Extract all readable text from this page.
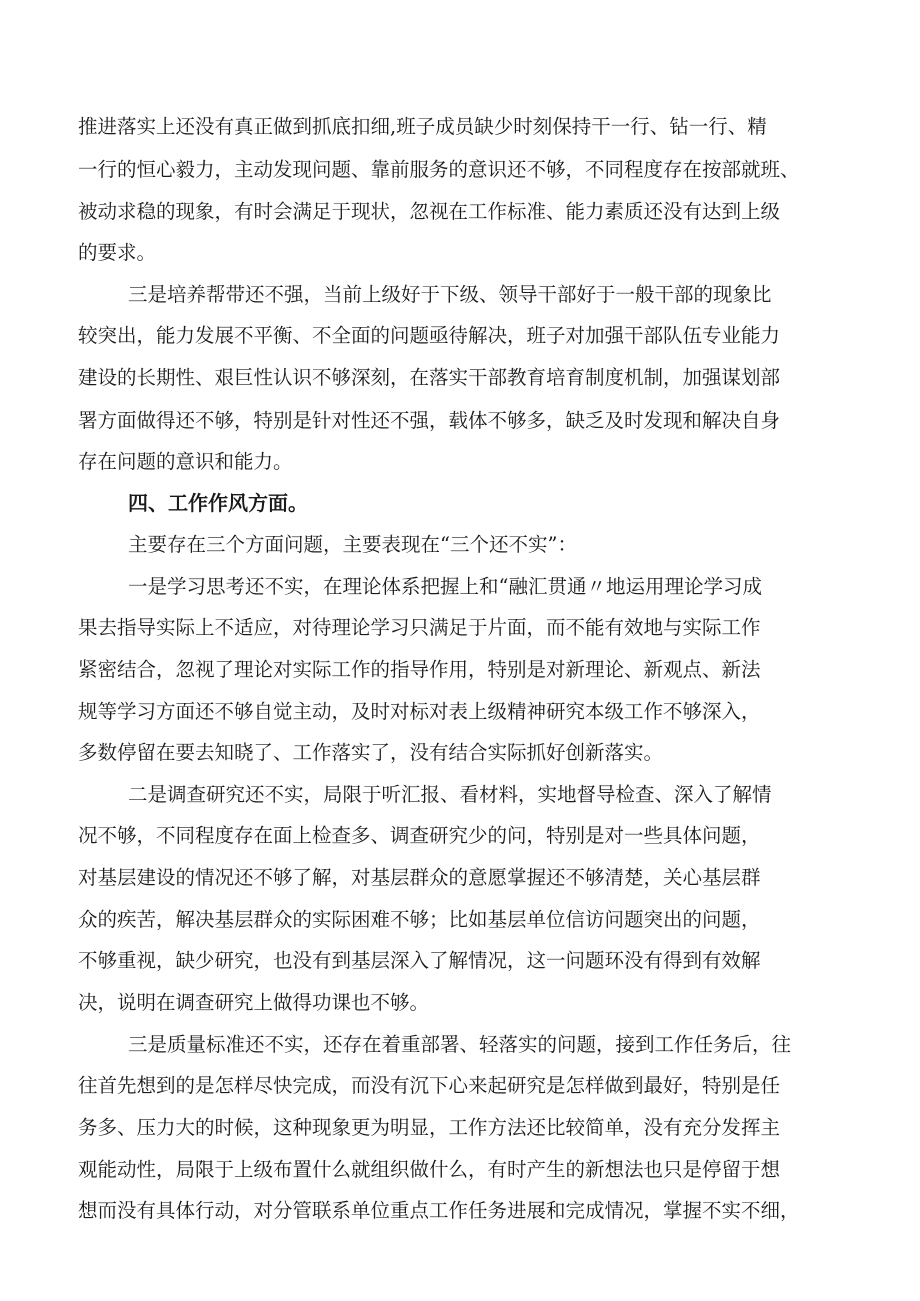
推进落实上还没有真正做到抓底扣细,班子成员缺少时刻保持干一行、钻一行、精
一行的恒心毅力，主动发现问题、靠前服务的意识还不够，不同程度存在按部就班、
被动求稳的现象，有时会满足于现状，忽视在工作标准、能力素质还没有达到上级
的要求。
三是培养帮带还不强，当前上级好于下级、领导干部好于一般干部的现象比
较突出，能力发展不平衡、不全面的问题亟待解决，班子对加强干部队伍专业能力
建设的长期性、艰巨性认识不够深刻，在落实干部教育培育制度机制，加强谋划部
署方面做得还不够，特别是针对性还不强，载体不够多，缺乏及时发现和解决自身
存在问题的意识和能力。
四、工作作风方面。
主要存在三个方面问题，主要表现在“三个还不实”：
一是学习思考还不实，在理论体系把握上和“融汇贯通〃地运用理论学习成
果去指导实际上不适应，对待理论学习只满足于片面，而不能有效地与实际工作
紧密结合，忽视了理论对实际工作的指导作用，特别是对新理论、新观点、新法
规等学习方面还不够自觉主动，及时对标对表上级精神研究本级工作不够深入，
多数停留在要去知晓了、工作落实了，没有结合实际抓好创新落实。
二是调查研究还不实，局限于听汇报、看材料，实地督导检查、深入了解情
况不够，不同程度存在面上检查多、调查研究少的问，特别是对一些具体问题，
对基层建设的情况还不够了解，对基层群众的意愿掌握还不够清楚，关心基层群
众的疾苦，解决基层群众的实际困难不够；比如基层单位信访问题突出的问题，
不够重视，缺少研究，也没有到基层深入了解情况，这一问题环没有得到有效解
决，说明在调查研究上做得功课也不够。
三是质量标准还不实，还存在着重部署、轻落实的问题，接到工作任务后，往
往首先想到的是怎样尽快完成，而没有沉下心来起研究是怎样做到最好，特别是任
务多、压力大的时候，这种现象更为明显，工作方法还比较简单，没有充分发挥主
观能动性，局限于上级布置什么就组织做什么，有时产生的新想法也只是停留于想
想而没有具体行动，对分管联系单位重点工作任务进展和完成情况，掌握不实不细，
